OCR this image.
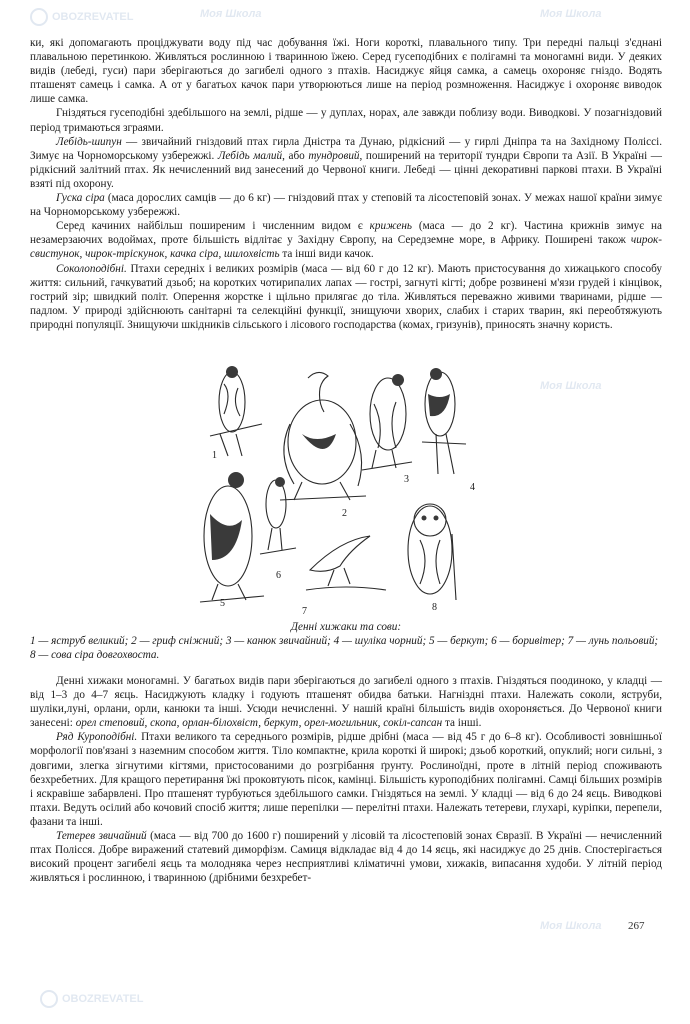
Моя Школа
OBOZREVATEL	Моя Школа
Моя Школа
Моя Школа
OBOZREVATEL

ки, які допомагають проціджувати воду під час добування їжі. Ноги короткі, плавального типу. Три передні пальці з'єднані плавальною перетинкою. Живляться рослинною і тваринною їжею. Серед гусеподібних є полігамні та моногамні види. У деяких видів (лебеді, гуси) пари зберігаються до загибелі одного з птахів. Насиджує яйця самка, а самець охороняє гніздо. Водять пташенят самець і самка. А от у багатьох качок пари утворюються лише на період розмноження. Насиджує і охороняє виводок лише самка.

Гніздяться гусеподібні здебільшого на землі, рідше — у дуплах, норах, але завжди поблизу води. Виводковi. У позагніздовий період тримаються зграями.

Лебідь-шипун — звичайний гніздовий птах гирла Дністра та Дунаю, рідкісний — у гирлі Дніпра та на Західному Поліссі. Зимує на Чорноморському узбережжі. Лебідь малий, або тундровий, поширений на території тундри Європи та Азії. В Україні — рідкісний залітний птах. Як нечисленний вид занесений до Червоної книги. Лебеді — цінні декоративні паркові птахи. В Україні взяті під охорону.

Гуска сіра (маса дорослих самців — до 6 кг) — гніздовий птах у степовій та лісостеповій зонах. У межах нашої країни зимує на Чорноморському узбережжі.

Серед качиних найбільш поширеним і численним видом є крижень (маса — до 2 кг). Частина крижнів зимує на незамерзаючих водоймах, проте більшість відлітає у Західну Європу, на Середземне море, в Африку. Поширені також чирок-свистунок, чирок-тріскунок, качка сіра, шилохвість та інші види качок.

Соколоподібні. Птахи середніх і великих розмірів (маса — від 60 г до 12 кг). Мають пристосування до хижацького способу життя: сильний, гачкуватий дзьоб; на коротких чотирипалих лапах — гострі, загнуті кігті; добре розвинені м'язи грудей і кінцівок, гострий зір; швидкий політ. Оперення жорстке і щільно прилягає до тіла. Живляться переважно живими тваринами, рідше — падлом. У природі здійснюють санітарні та селекційні функції, знищуючи хворих, слабих і старих тварин, які переобтяжують природні популяції. Знищуючи шкідників сільського і лісового господарства (комах, гризунів), приносять значну користь.

1
2
3
4
5
6
7	8
Денні хижаки та сови:
1 — яструб великий; 2 — гриф сніжний; 3 — канюк звичайний; 4 — шуліка чорний; 5 — беркут; 6 — боривітер; 7 — лунь польовий; 8 — сова сіра довгохвоста.

Денні хижаки моногамні. У багатьох видів пари зберігаються до загибелі одного з птахів. Гніздяться поодиноко, у кладці — від 1–3 до 4–7 яєць. Насиджують кладку і годують пташенят обидва батьки. Нагніздні птахи. Належать соколи, яструби, шуліки,луні, орлани, орли, канюки та інші. Усюди нечисленні. У нашій країні більшість видів охороняється. До Червоної книги занесені: орел степовий, скопа, орлан-білохвіст, беркут, орел-могильник, сокіл-сапсан та інші.

Ряд Куроподібні. Птахи великого та середнього розмірів, рідше дрібні (маса — від 45 г до 6–8 кг). Особливості зовнішньої морфології пов'язані з наземним способом життя. Тіло компактне, крила короткі й широкі; дзьоб короткий, опуклий; ноги сильні, з довгими, злегка зігнутими кігтями, пристосованими до розгрібання ґрунту. Рослиноїдні, проте в літній період споживають безхребетних. Для кращого перетирання їжі проковтують пісок, камінці. Більшість куроподібних полігамні. Самці більших розмірів і яскравіше забарвлені. Про пташенят турбуються здебільшого самки. Гніздяться на землі. У кладці — від 6 до 24 яєць. Виводкові птахи. Ведуть осілий або кочовий спосіб життя; лише перепілки — перелітні птахи. Належать тетереви, глухарі, куріпки, перепели, фазани та інші.

Тетерев звичайний (маса — від 700 до 1600 г) поширений у лісовій та лісостеповій зонах Євразії. В Україні — нечисленний птах Полісся. Добре виражений статевий диморфізм. Самиця відкладає від 4 до 14 яєць, які насиджує до 25 днів. Спостерігається високий процент загибелі яєць та молодняка через несприятливі кліматичні умови, хижаків, випасання худоби. У літній період живляться і рослинною, і тваринною (дрібними безхребет-

267
